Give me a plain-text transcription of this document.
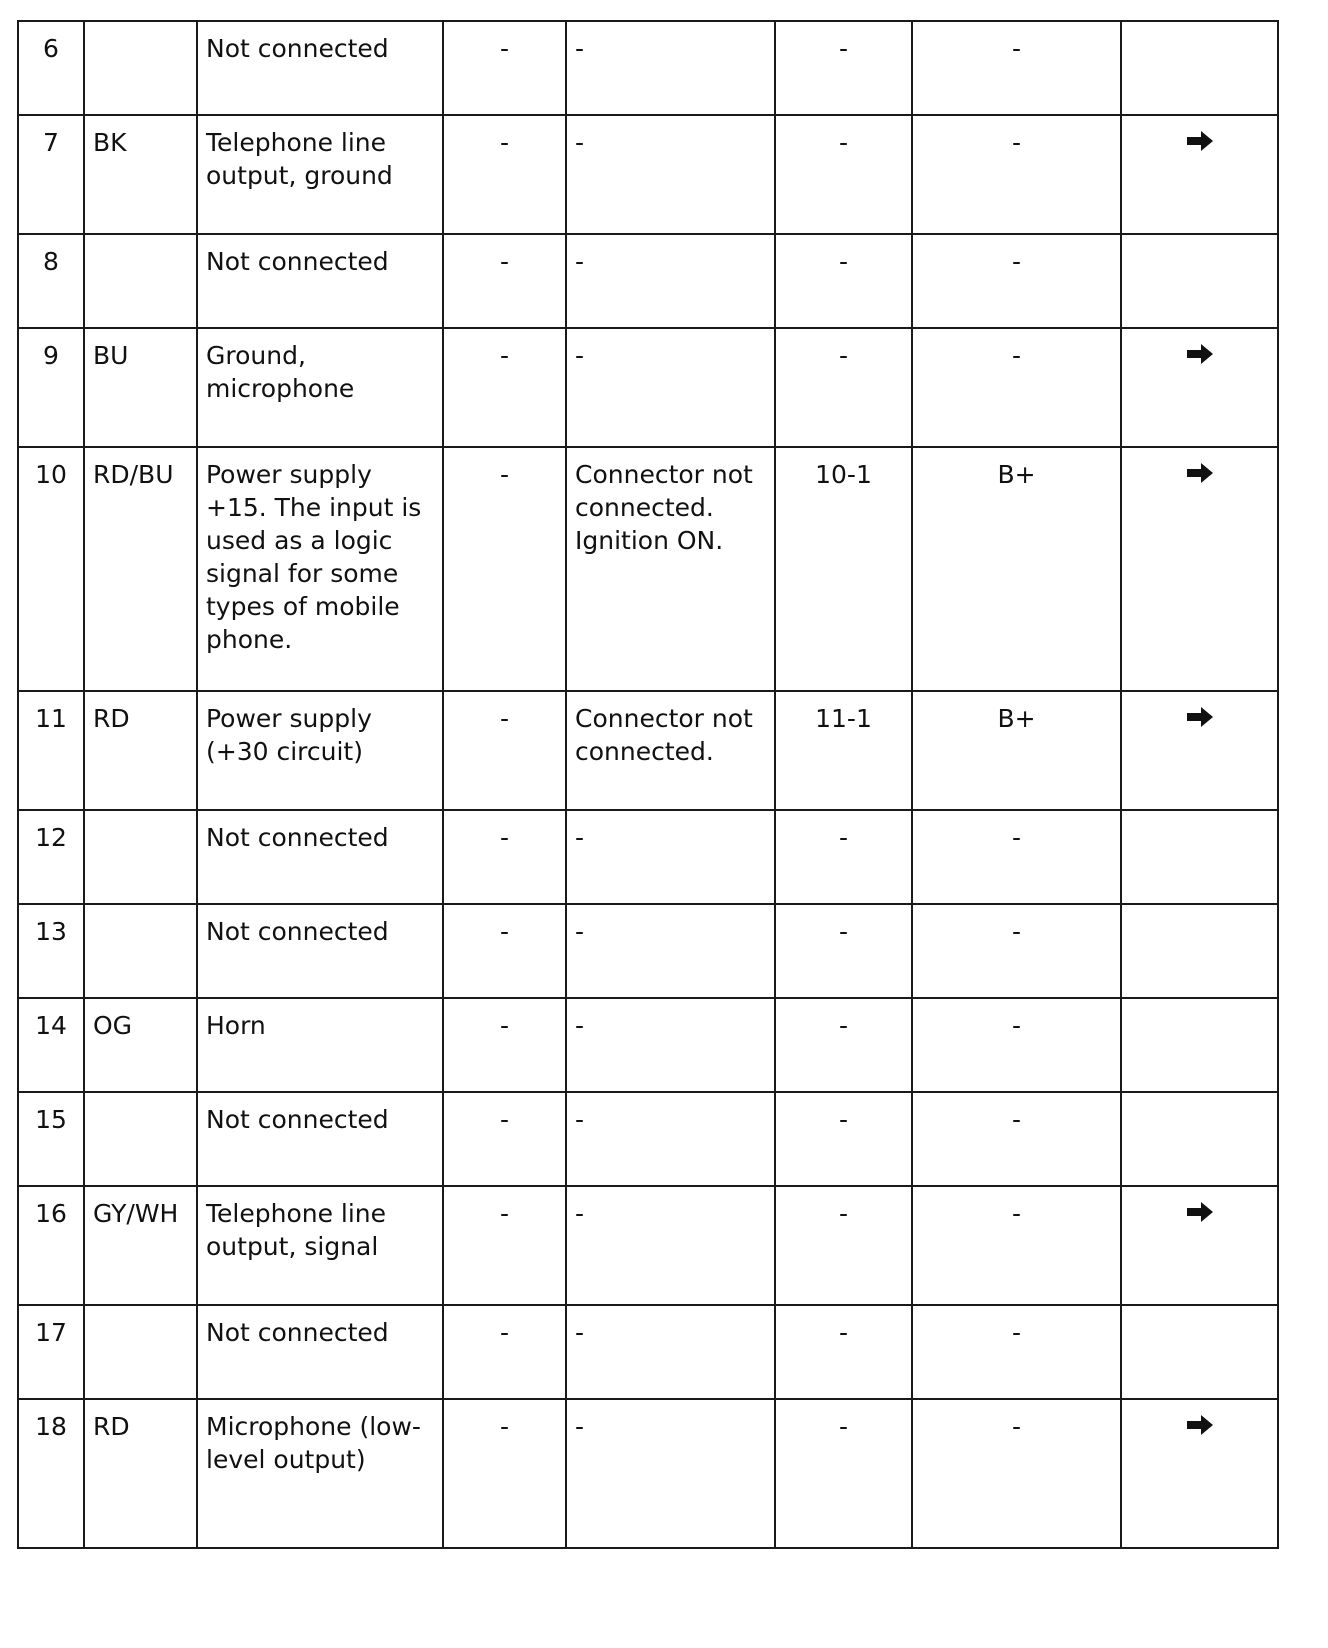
6		Not connected	-	-	-	-	
7	BK	Telephone line output, ground	-	-	-	-	
8		Not connected	-	-	-	-	
9	BU	Ground, microphone	-	-	-	-	
10	RD/BU	Power supply +15. The input is used as a logic signal for some types of mobile phone.	-	Connector not connected. Ignition ON.	10-1	B+	
11	RD	Power supply (+30 circuit)	-	Connector not connected.	11-1	B+	
12		Not connected	-	-	-	-	
13		Not connected	-	-	-	-	
14	OG	Horn	-	-	-	-	
15		Not connected	-	-	-	-	
16	GY/WH	Telephone line output, signal	-	-	-	-	
17		Not connected	-	-	-	-	
18	RD	Microphone (low-level output)	-	-	-	-	
